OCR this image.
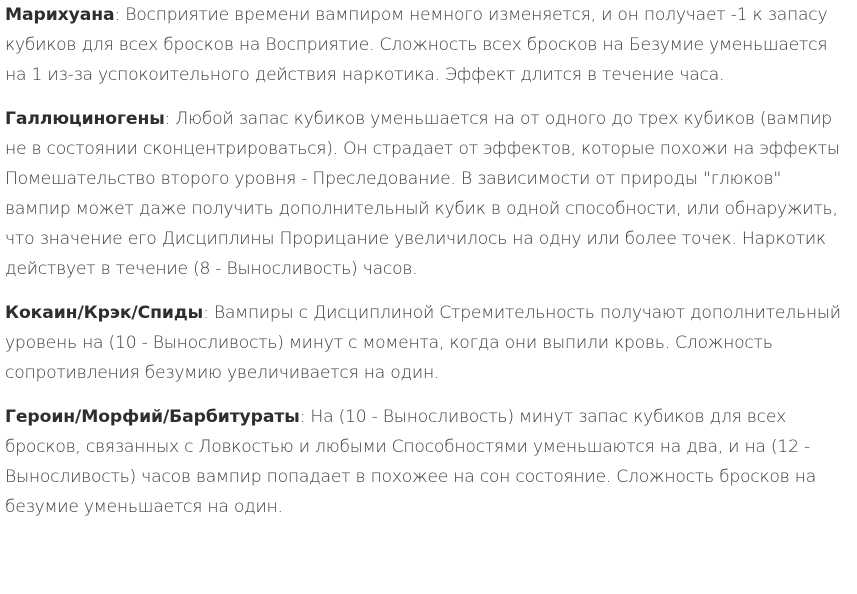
Марихуана: Восприятие времени вампиром немного изменяется, и он получает -1 к запасу кубиков для всех бросков на Восприятие. Сложность всех бросков на Безумие уменьшается на 1 из-за успокоительного действия наркотика. Эффект длится в течение часа.

Галлюциногены: Любой запас кубиков уменьшается на от одного до трех кубиков (вампир не в состоянии сконцентрироваться). Он страдает от эффектов, которые похожи на эффекты Помешательство второго уровня - Преследование. В зависимости от природы "глюков" вампир может даже получить дополнительный кубик в одной способности, или обнаружить, что значение его Дисциплины Прорицание увеличилось на одну или более точек. Наркотик действует в течение (8 - Выносливость) часов.

Кокаин/Крэк/Спиды: Вампиры с Дисциплиной Стремительность получают дополнительный уровень на (10 - Выносливость) минут с момента, когда они выпили кровь. Сложность сопротивления безумию увеличивается на один.

Героин/Морфий/Барбитураты: На (10 - Выносливость) минут запас кубиков для всех бросков, связанных с Ловкостью и любыми Способностями уменьшаются на два, и на (12 - Выносливость) часов вампир попадает в похожее на сон состояние. Сложность бросков на безумие уменьшается на один.
